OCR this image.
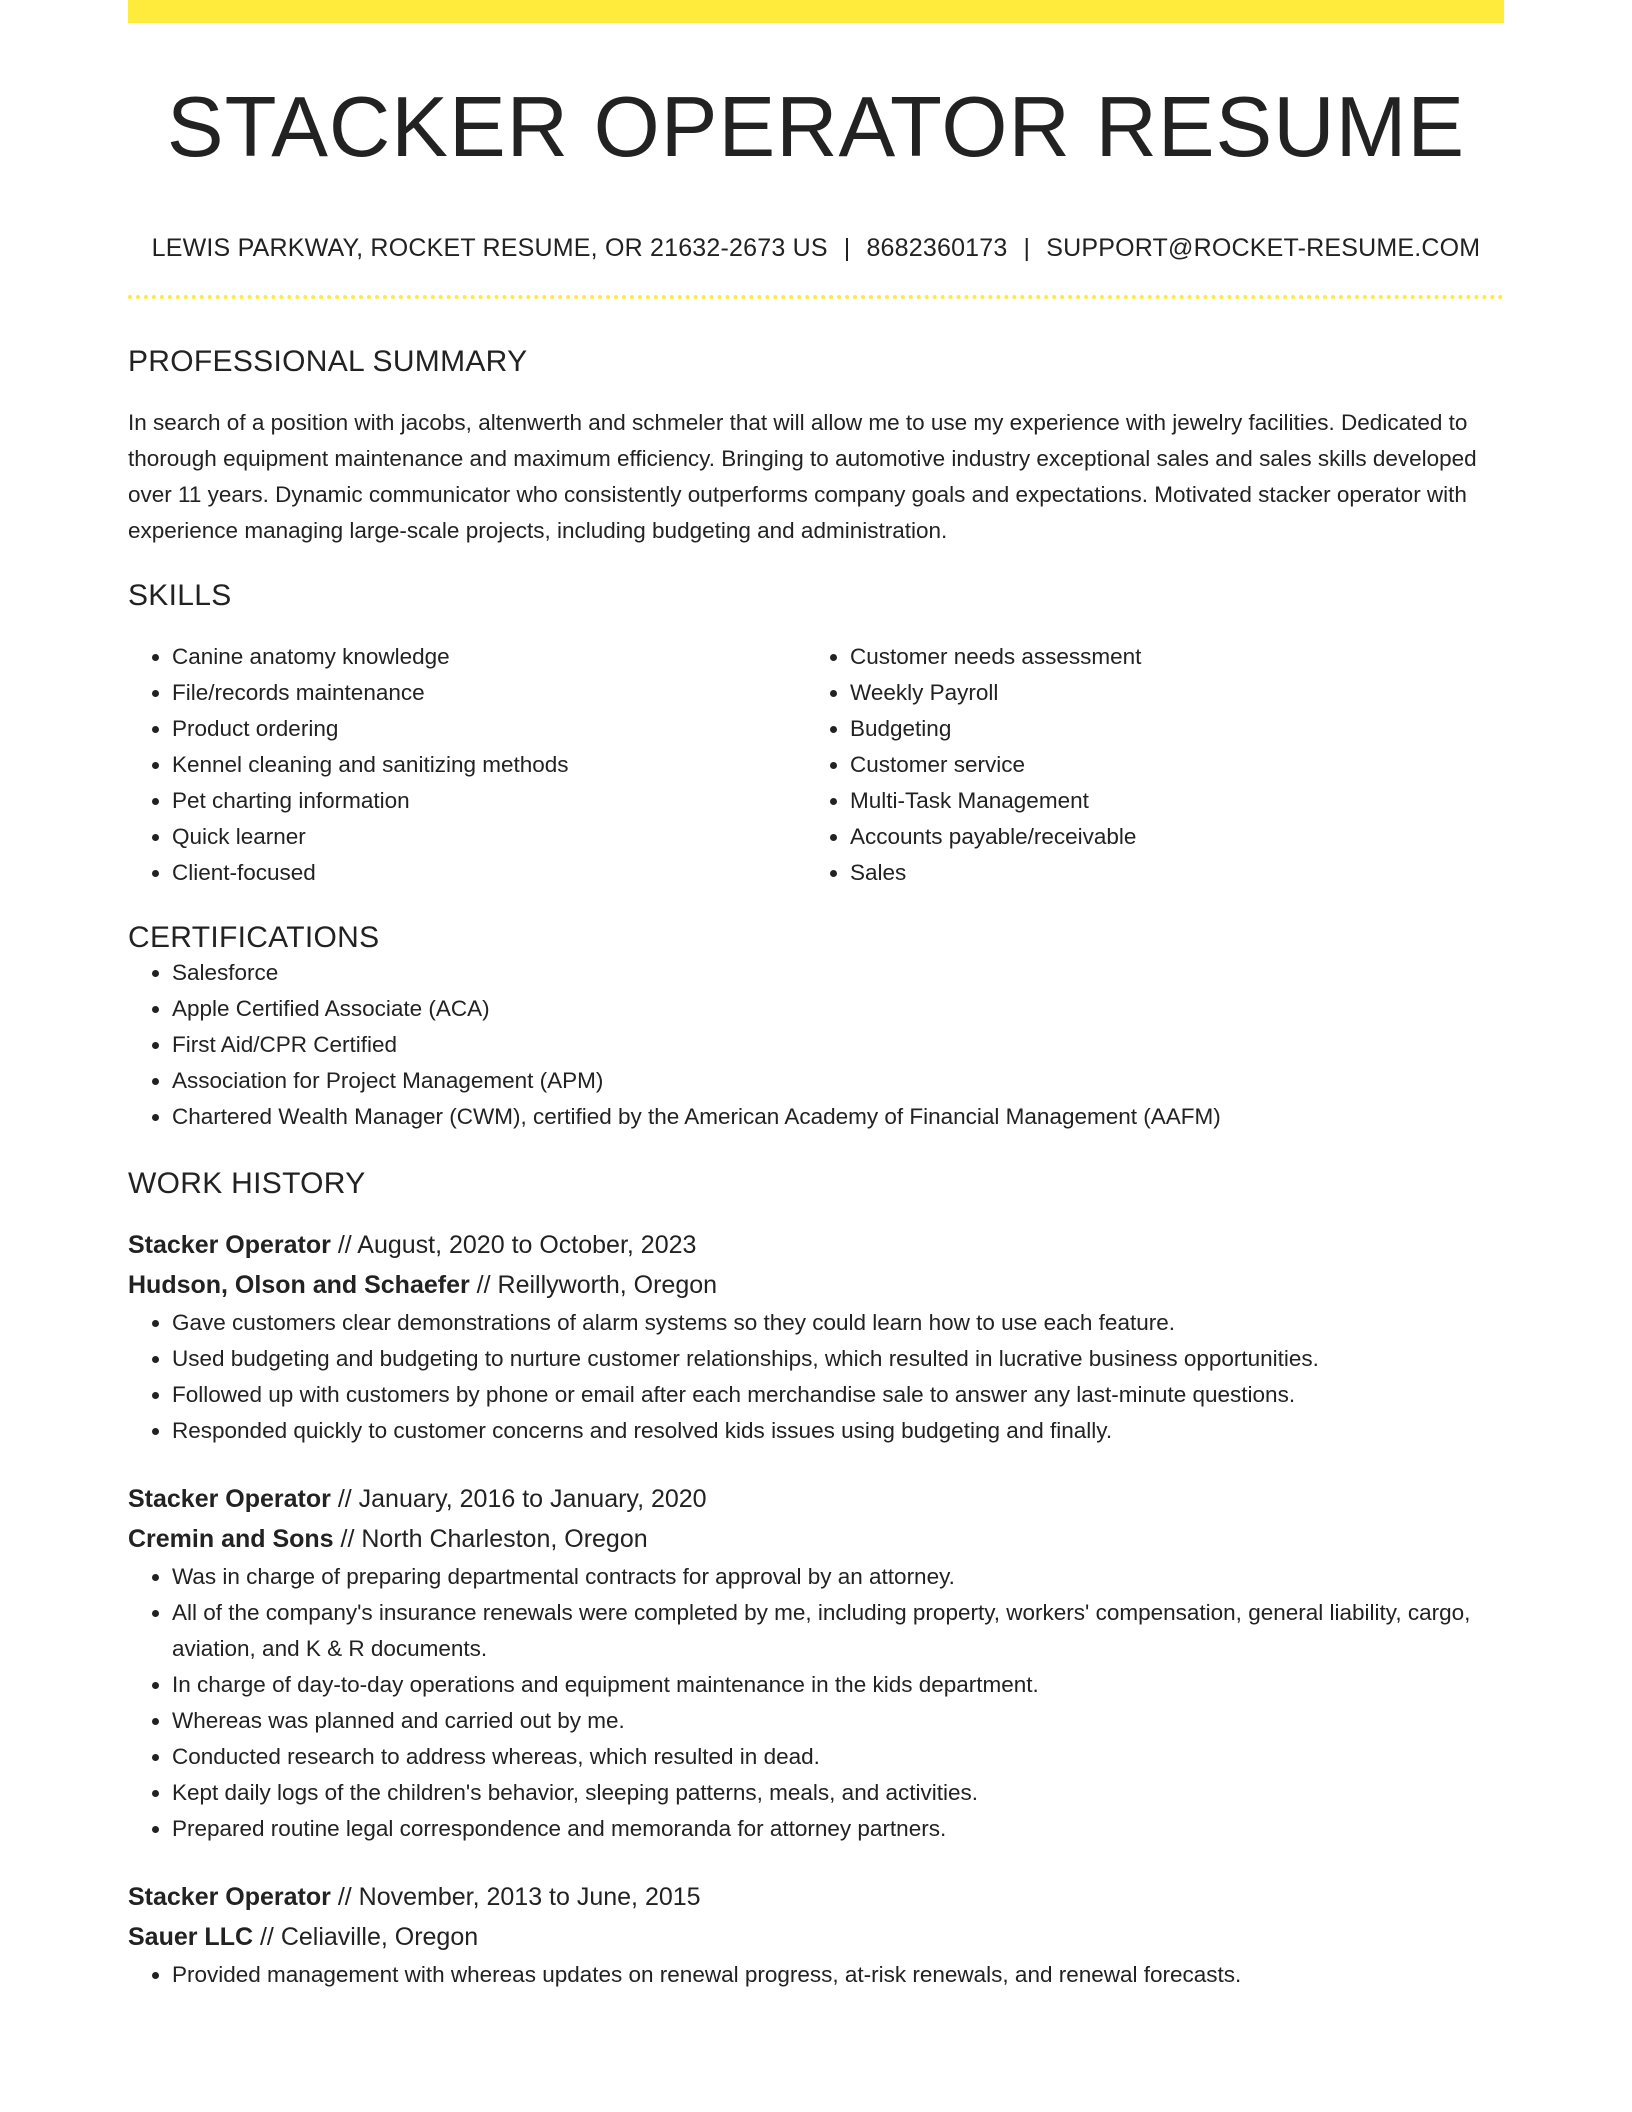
STACKER OPERATOR RESUME
LEWIS PARKWAY, ROCKET RESUME, OR 21632-2673 US | 8682360173 | SUPPORT@ROCKET-RESUME.COM
PROFESSIONAL SUMMARY

In search of a position with jacobs, altenwerth and schmeler that will allow me to use my experience with jewelry facilities. Dedicated to thorough equipment maintenance and maximum efficiency. Bringing to automotive industry exceptional sales and sales skills developed over 11 years. Dynamic communicator who consistently outperforms company goals and expectations. Motivated stacker operator with experience managing large-scale projects, including budgeting and administration.

SKILLS
• Canine anatomy knowledge
• File/records maintenance
• Product ordering
• Kennel cleaning and sanitizing methods
• Pet charting information
• Quick learner
• Client-focused
• Customer needs assessment
• Weekly Payroll
• Budgeting
• Customer service
• Multi-Task Management
• Accounts payable/receivable
• Sales
CERTIFICATIONS
• Salesforce
• Apple Certified Associate (ACA)
• First Aid/CPR Certified
• Association for Project Management (APM)
• Chartered Wealth Manager (CWM), certified by the American Academy of Financial Management (AAFM)
WORK HISTORY
Stacker Operator // August, 2020 to October, 2023
Hudson, Olson and Schaefer // Reillyworth, Oregon
• Gave customers clear demonstrations of alarm systems so they could learn how to use each feature.
• Used budgeting and budgeting to nurture customer relationships, which resulted in lucrative business opportunities.
• Followed up with customers by phone or email after each merchandise sale to answer any last-minute questions.
• Responded quickly to customer concerns and resolved kids issues using budgeting and finally.
Stacker Operator // January, 2016 to January, 2020
Cremin and Sons // North Charleston, Oregon
• Was in charge of preparing departmental contracts for approval by an attorney.
• All of the company's insurance renewals were completed by me, including property, workers' compensation, general liability, cargo, aviation, and K & R documents.
• In charge of day-to-day operations and equipment maintenance in the kids department.
• Whereas was planned and carried out by me.
• Conducted research to address whereas, which resulted in dead.
• Kept daily logs of the children's behavior, sleeping patterns, meals, and activities.
• Prepared routine legal correspondence and memoranda for attorney partners.
Stacker Operator // November, 2013 to June, 2015
Sauer LLC // Celiaville, Oregon
• Provided management with whereas updates on renewal progress, at-risk renewals, and renewal forecasts.
